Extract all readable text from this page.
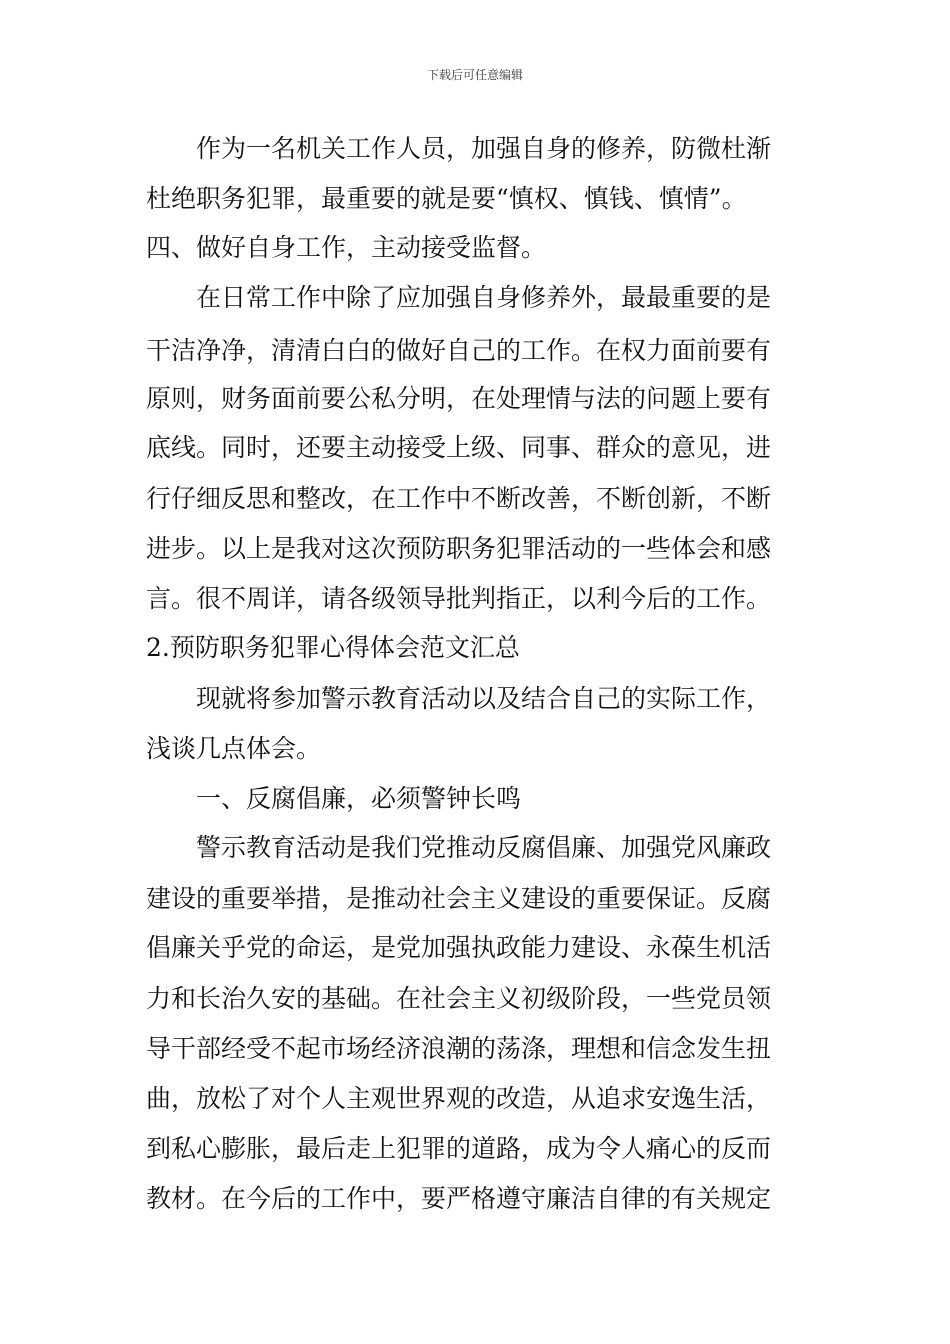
下载后可任意编辑
作为一名机关工作人员，加强自身的修养，防微杜渐
杜绝职务犯罪，最重要的就是要“慎权、慎钱、慎情”。
四、做好自身工作，主动接受监督。
在日常工作中除了应加强自身修养外，最最重要的是
干洁净净，清清白白的做好自己的工作。在权力面前要有
原则，财务面前要公私分明，在处理情与法的问题上要有
底线。同时，还要主动接受上级、同事、群众的意见，进
行仔细反思和整改，在工作中不断改善，不断创新，不断
进步。以上是我对这次预防职务犯罪活动的一些体会和感
言。很不周详，请各级领导批判指正，以利今后的工作。
2.预防职务犯罪心得体会范文汇总
现就将参加警示教育活动以及结合自己的实际工作，
浅谈几点体会。
一、反腐倡廉，必须警钟长鸣
警示教育活动是我们党推动反腐倡廉、加强党风廉政
建设的重要举措，是推动社会主义建设的重要保证。反腐
倡廉关乎党的命运，是党加强执政能力建设、永葆生机活
力和长治久安的基础。在社会主义初级阶段，一些党员领
导干部经受不起市场经济浪潮的荡涤，理想和信念发生扭
曲，放松了对个人主观世界观的改造，从追求安逸生活，
到私心膨胀，最后走上犯罪的道路，成为令人痛心的反而
教材。在今后的工作中，要严格遵守廉洁自律的有关规定
